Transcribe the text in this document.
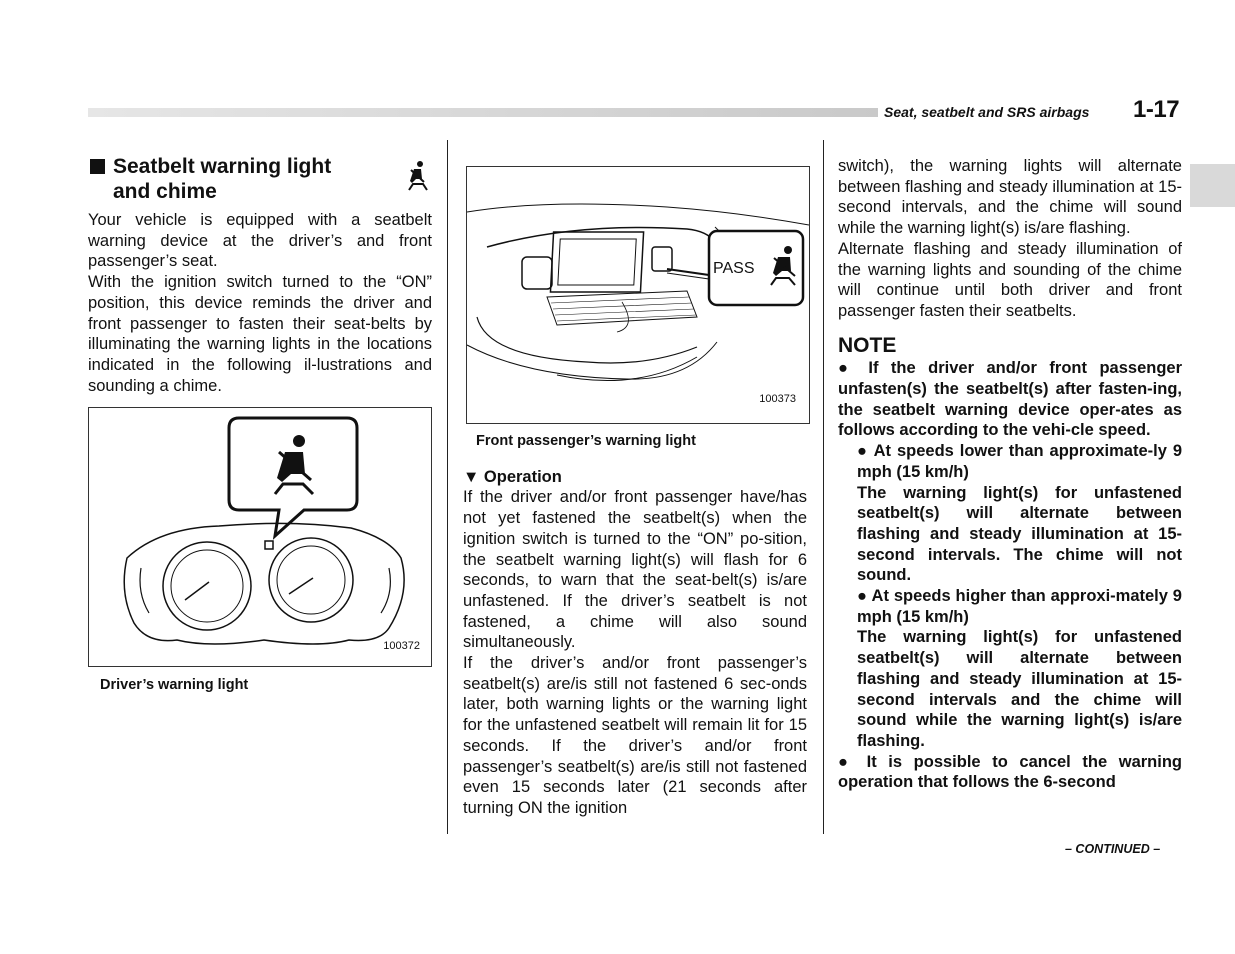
Seat, seatbelt and SRS airbags 1-17
Seatbelt warning light
and chime

Your vehicle is equipped with a seatbelt warning device at the driver’s and front passenger’s seat.

With the ignition switch turned to the “ON” position, this device reminds the driver and front passenger to fasten their seat-belts by illuminating the warning lights in the locations indicated in the following il-lustrations and sounding a chime.

100372
Driver’s warning light
PASS
100373
Front passenger’s warning light

▼ Operation

If the driver and/or front passenger have/has not yet fastened the seatbelt(s) when the ignition switch is turned to the “ON” po-sition, the seatbelt warning light(s) will flash for 6 seconds, to warn that the seat-belt(s) is/are unfastened. If the driver’s seatbelt is not fastened, a chime will also sound simultaneously.

If the driver’s and/or front passenger’s seatbelt(s) are/is still not fastened 6 sec-onds later, both warning lights or the warning light for the unfastened seatbelt will remain lit for 15 seconds. If the driver’s and/or front passenger’s seatbelt(s) are/is still not fastened even 15 seconds later (21 seconds after turning ON the ignition

switch), the warning lights will alternate between flashing and steady illumination at 15-second intervals, and the chime will sound while the warning light(s) is/are flashing.

Alternate flashing and steady illumination of the warning lights and sounding of the chime will continue until both driver and front passenger fasten their seatbelts.

NOTE

● If the driver and/or front passenger unfasten(s) the seatbelt(s) after fasten-ing, the seatbelt warning device oper-ates as follows according to the vehi-cle speed.

● At speeds lower than approximate-ly 9 mph (15 km/h)

The warning light(s) for unfastened seatbelt(s) will alternate between flashing and steady illumination at 15-second intervals. The chime will not sound.

● At speeds higher than approxi-mately 9 mph (15 km/h)

The warning light(s) for unfastened seatbelt(s) will alternate between flashing and steady illumination at 15-second intervals and the chime will sound while the warning light(s) is/are flashing.

● It is possible to cancel the warning operation that follows the 6-second

– CONTINUED –
